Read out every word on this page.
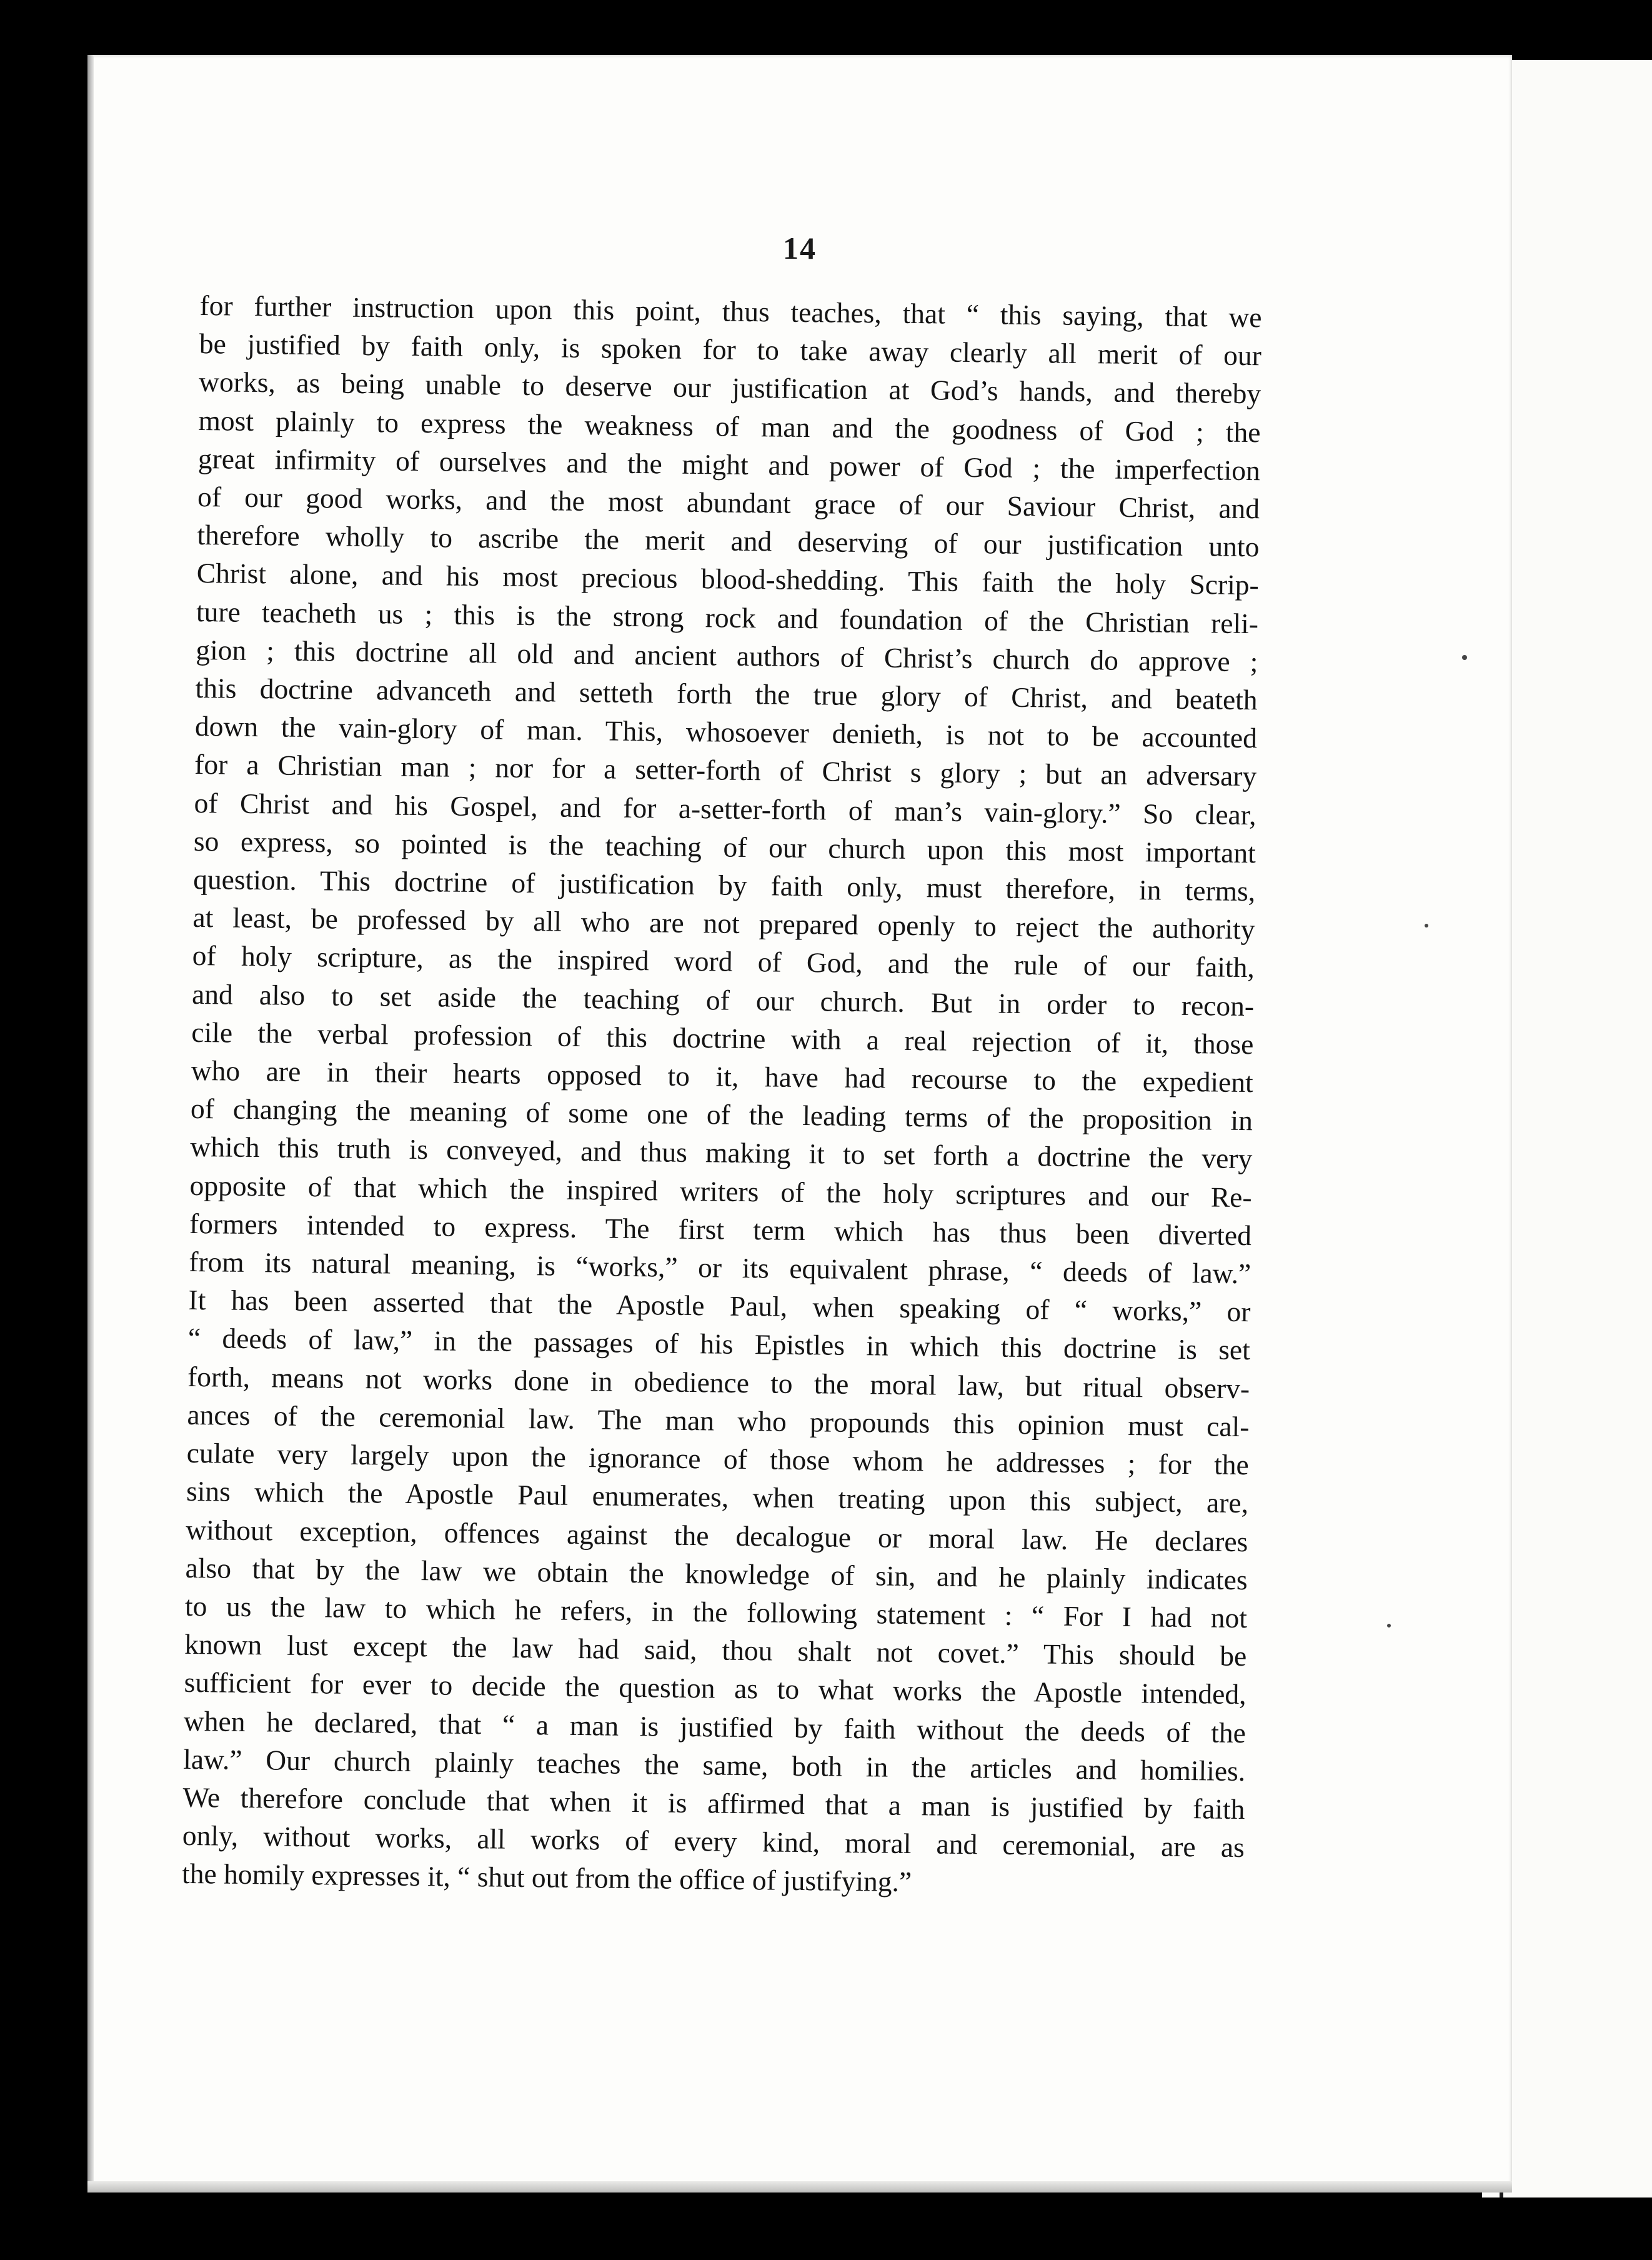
14
for further instruction upon this point, thus teaches, that “ this saying, that we
be justified by faith only, is spoken for to take away clearly all merit of our
works, as being unable to deserve our justification at God’s hands, and thereby
most plainly to express the weakness of man and the goodness of God ; the
great infirmity of ourselves and the might and power of God ; the imperfection
of our good works, and the most abundant grace of our Saviour Christ, and
therefore wholly to ascribe the merit and deserving of our justification unto
Christ alone, and his most precious blood-shedding. This faith the holy Scrip-
ture teacheth us ; this is the strong rock and foundation of the Christian reli-
gion ; this doctrine all old and ancient authors of Christ’s church do approve ;
this doctrine advanceth and setteth forth the true glory of Christ, and beateth
down the vain-glory of man. This, whosoever denieth, is not to be accounted
for a Christian man ; nor for a setter-forth of Christ s glory ; but an adversary
of Christ and his Gospel, and for a-setter-forth of man’s vain-glory.” So clear,
so express, so pointed is the teaching of our church upon this most important
question. This doctrine of justification by faith only, must therefore, in terms,
at least, be professed by all who are not prepared openly to reject the authority
of holy scripture, as the inspired word of God, and the rule of our faith,
and also to set aside the teaching of our church. But in order to recon-
cile the verbal profession of this doctrine with a real rejection of it, those
who are in their hearts opposed to it, have had recourse to the expedient
of changing the meaning of some one of the leading terms of the proposition in
which this truth is conveyed, and thus making it to set forth a doctrine the very
opposite of that which the inspired writers of the holy scriptures and our Re-
formers intended to express. The first term which has thus been diverted
from its natural meaning, is “works,” or its equivalent phrase, “ deeds of law.”
It has been asserted that the Apostle Paul, when speaking of “ works,” or
“ deeds of law,” in the passages of his Epistles in which this doctrine is set
forth, means not works done in obedience to the moral law, but ritual observ-
ances of the ceremonial law. The man who propounds this opinion must cal-
culate very largely upon the ignorance of those whom he addresses ; for the
sins which the Apostle Paul enumerates, when treating upon this subject, are,
without exception, offences against the decalogue or moral law. He declares
also that by the law we obtain the knowledge of sin, and he plainly indicates
to us the law to which he refers, in the following statement : “ For I had not
known lust except the law had said, thou shalt not covet.” This should be
sufficient for ever to decide the question as to what works the Apostle intended,
when he declared, that “ a man is justified by faith without the deeds of the
law.” Our church plainly teaches the same, both in the articles and homilies.
We therefore conclude that when it is affirmed that a man is justified by faith
only, without works, all works of every kind, moral and ceremonial, are as
the homily expresses it, “ shut out from the office of justifying.”
